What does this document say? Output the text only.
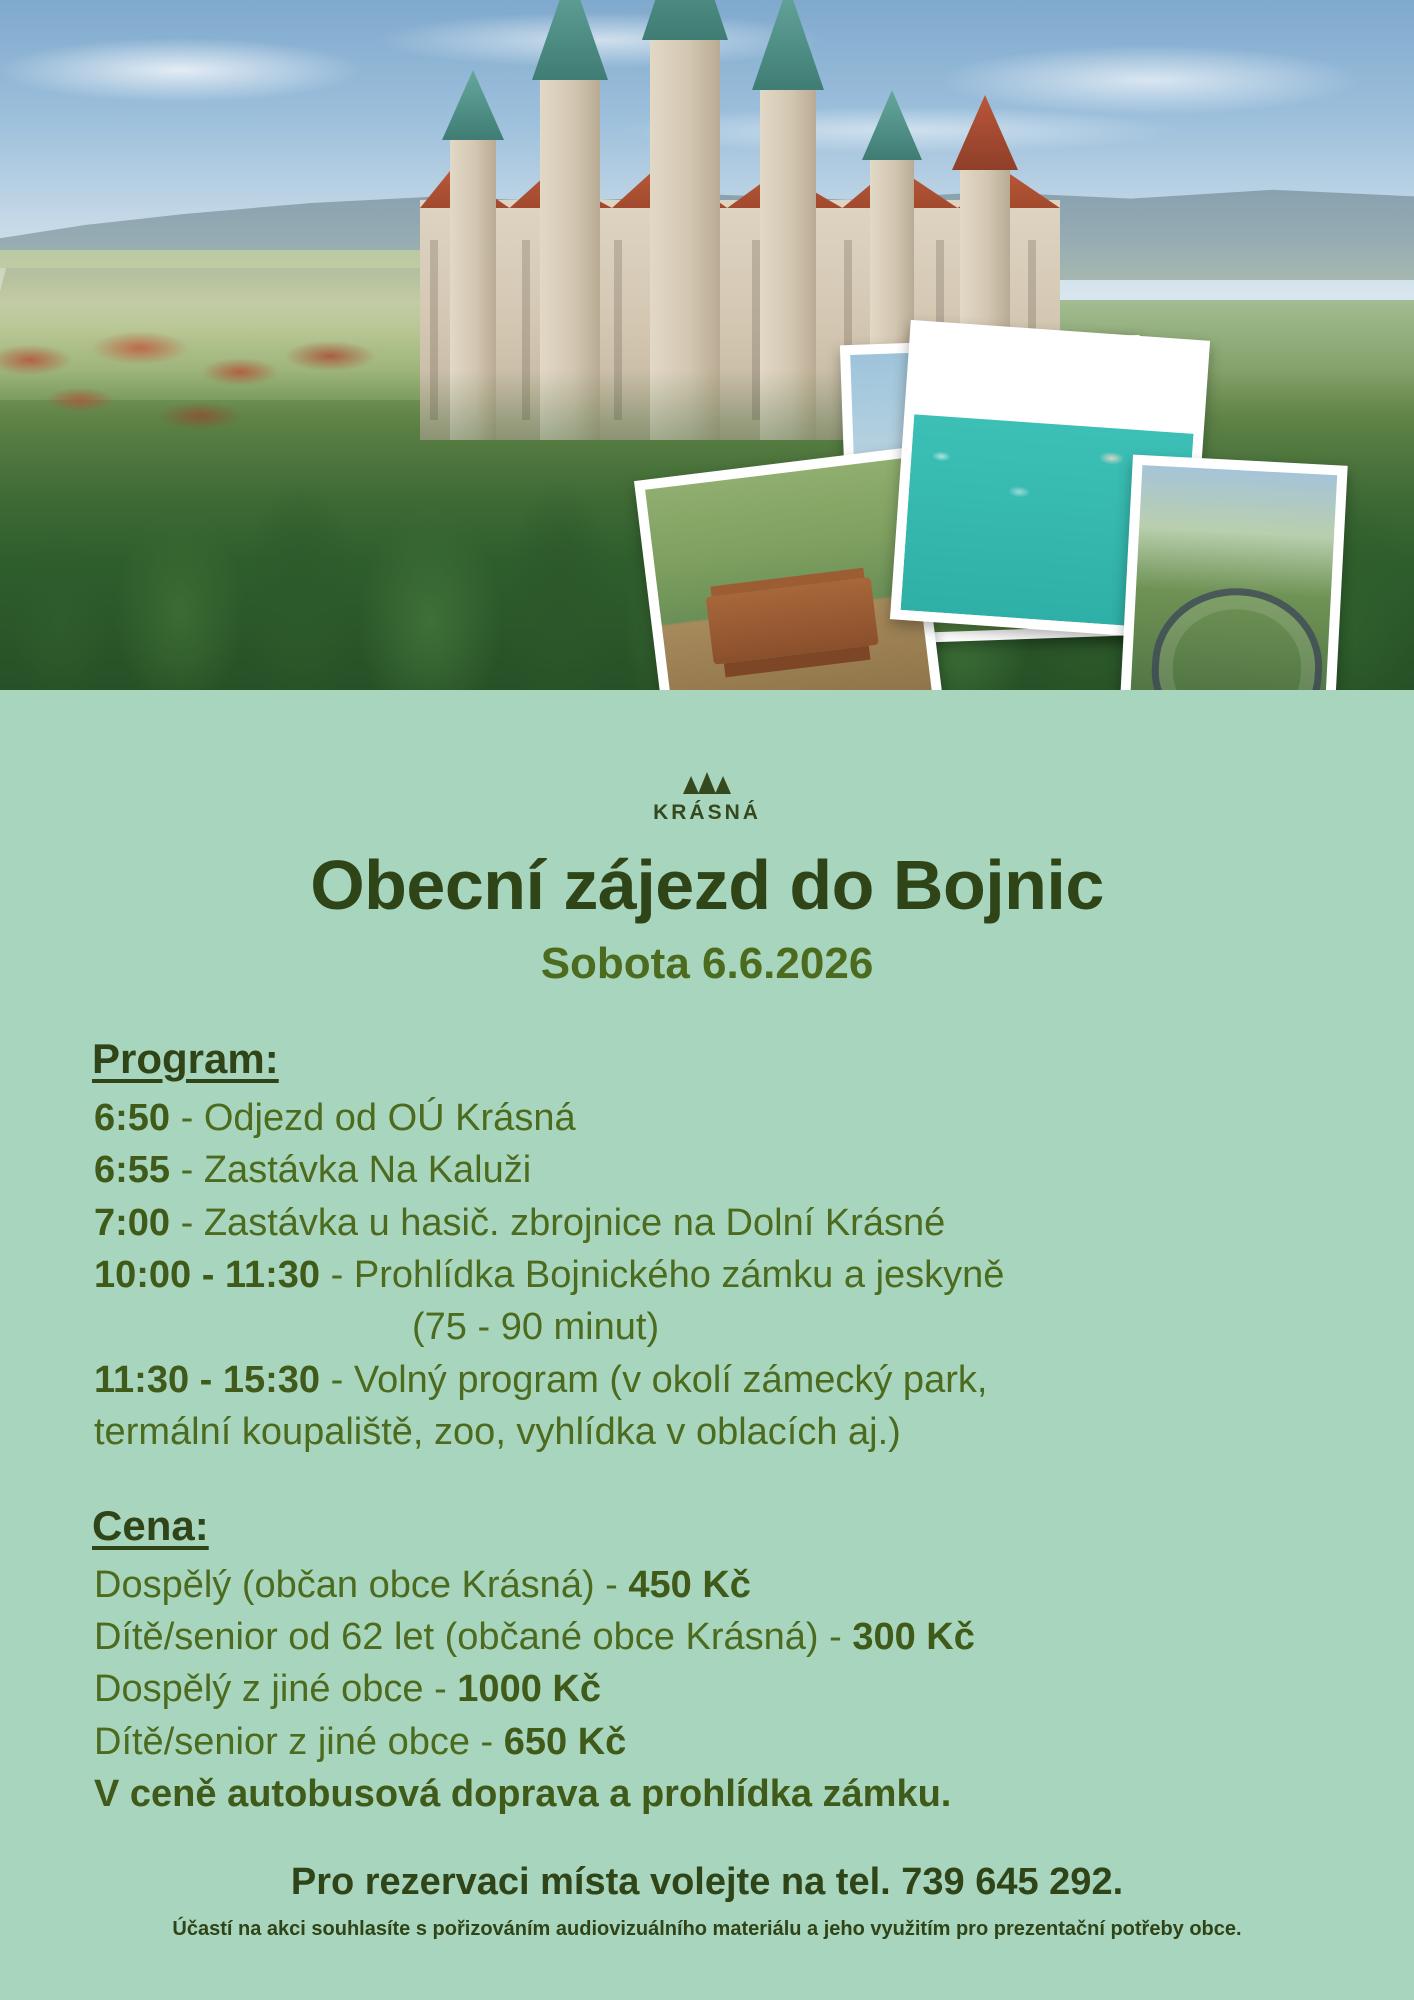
KRÁSNÁ
Obecní zájezd do Bojnic
Sobota 6.6.2026
Program:
6:50 - Odjezd od OÚ Krásná
6:55 - Zastávka Na Kaluži
7:00 - Zastávka u hasič. zbrojnice na Dolní Krásné
10:00 - 11:30 - Prohlídka Bojnického zámku a jeskyně
(75 - 90 minut)
11:30 - 15:30 - Volný program (v okolí zámecký park,
termální koupaliště, zoo, vyhlídka v oblacích aj.)
Cena:
Dospělý (občan obce Krásná) - 450 Kč
Dítě/senior od 62 let (občané obce Krásná) - 300 Kč
Dospělý z jiné obce - 1000 Kč
Dítě/senior z jiné obce - 650 Kč
V ceně autobusová doprava a prohlídka zámku.
Pro rezervaci místa volejte na tel. 739 645 292.
Účastí na akci souhlasíte s pořizováním audiovizuálního materiálu a jeho využitím pro prezentační potřeby obce.
